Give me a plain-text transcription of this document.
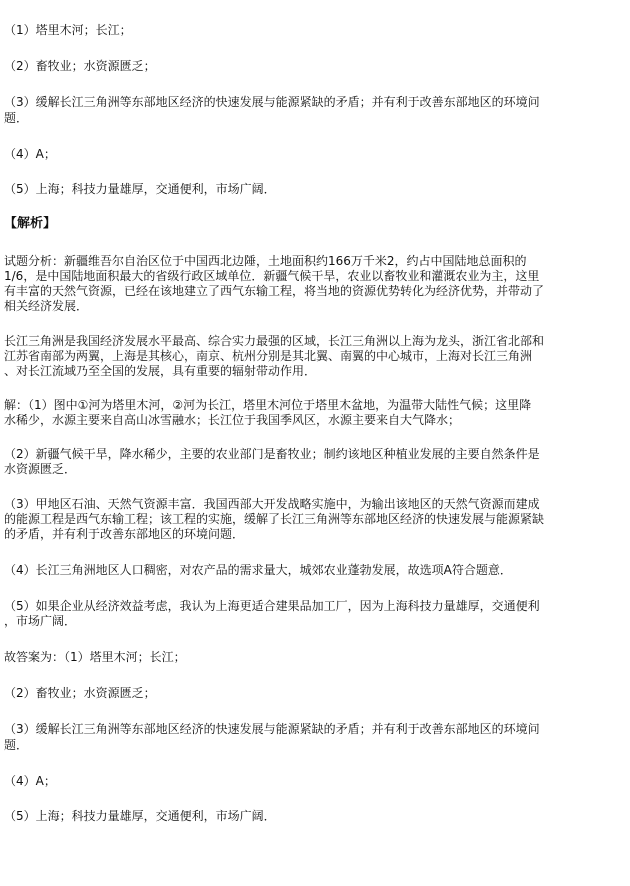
（1）塔里木河；长江；
（2）畜牧业；水资源匮乏；
（3）缓解长江三角洲等东部地区经济的快速发展与能源紧缺的矛盾；并有利于改善东部地区的环境问
题．
（4）A；
（5）上海；科技力量雄厚，交通便利，市场广阔．
【解析】
试题分析：新疆维吾尔自治区位于中国西北边陲，土地面积约166万千米2，约占中国陆地总面积的
1/6，是中国陆地面积最大的省级行政区域单位．新疆气候干旱，农业以畜牧业和灌溉农业为主，这里
有丰富的天然气资源，已经在该地建立了西气东输工程，将当地的资源优势转化为经济优势，并带动了
相关经济发展．
长江三角洲是我国经济发展水平最高、综合实力最强的区域，长江三角洲以上海为龙头，浙江省北部和
江苏省南部为两翼，上海是其核心，南京、杭州分别是其北翼、南翼的中心城市，上海对长江三角洲
、对长江流域乃至全国的发展，具有重要的辐射带动作用．
解：（1）图中①河为塔里木河，②河为长江，塔里木河位于塔里木盆地，为温带大陆性气候；这里降
水稀少，水源主要来自高山冰雪融水；长江位于我国季风区，水源主要来自大气降水；
（2）新疆气候干旱，降水稀少，主要的农业部门是畜牧业；制约该地区种植业发展的主要自然条件是
水资源匮乏．
（3）甲地区石油、天然气资源丰富．我国西部大开发战略实施中，为输出该地区的天然气资源而建成
的能源工程是西气东输工程；该工程的实施，缓解了长江三角洲等东部地区经济的快速发展与能源紧缺
的矛盾，并有利于改善东部地区的环境问题．
（4）长江三角洲地区人口稠密，对农产品的需求量大，城郊农业蓬勃发展，故选项A符合题意．
（5）如果企业从经济效益考虑，我认为上海更适合建果品加工厂，因为上海科技力量雄厚，交通便利
，市场广阔．
故答案为：（1）塔里木河；长江；
（2）畜牧业；水资源匮乏；
（3）缓解长江三角洲等东部地区经济的快速发展与能源紧缺的矛盾；并有利于改善东部地区的环境问
题．
（4）A；
（5）上海；科技力量雄厚，交通便利，市场广阔．
